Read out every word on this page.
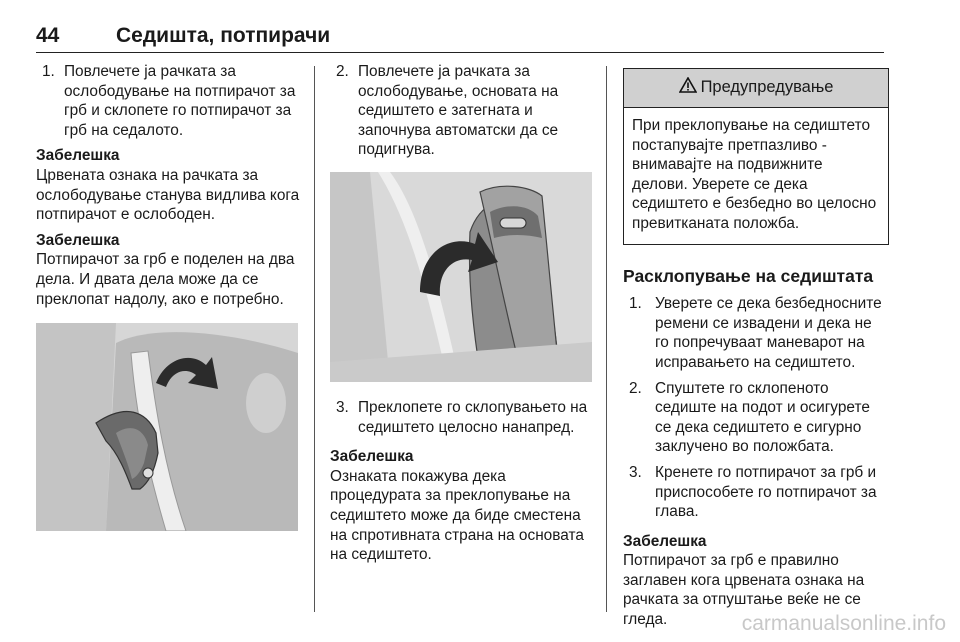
44	Седишта, потпирачи
1. Повлечете ја рачката за ослободување на потпирачот за грб и склопете го потпирачот за грб на седалото.
Забелешка
Црвената ознака на рачката за ослободување станува видлива кога потпирачот е ослободен.
Забелешка
Потпирачот за грб е поделен на два дела. И двата дела може да се преклопат надолу, ако е потребно.
2. Повлечете ја рачката за ослободување, основата на седиштето е затегната и започнува автоматски да се подигнува.
3. Преклопете го склопувањето на седиштето целосно нанапред.
Забелешка
Ознаката покажува дека процедурата за преклопување на седиштето може да биде сместена на спротивната страна на основата на седиштето.
Предупредување
При преклопување на седиштето постапувајте претпазливо - внимавајте на подвижните делови. Уверете се дека седиштето е безбедно во целосно превитканата положба.
Расклопување на седиштата
1. Уверете се дека безбедносните ремени се извадени и дека не го попречуваат маневарот на исправањето на седиштето.
2. Спуштете го склопеното седиште на подот и осигурете се дека седиштето е сигурно заклучено во положбата.
3. Кренете го потпирачот за грб и приспособете го потпирачот за глава.
Забелешка
Потпирачот за грб е правилно заглавен кога црвената ознака на рачката за отпуштање веќе не се гледа.	carmanualsonline.info
